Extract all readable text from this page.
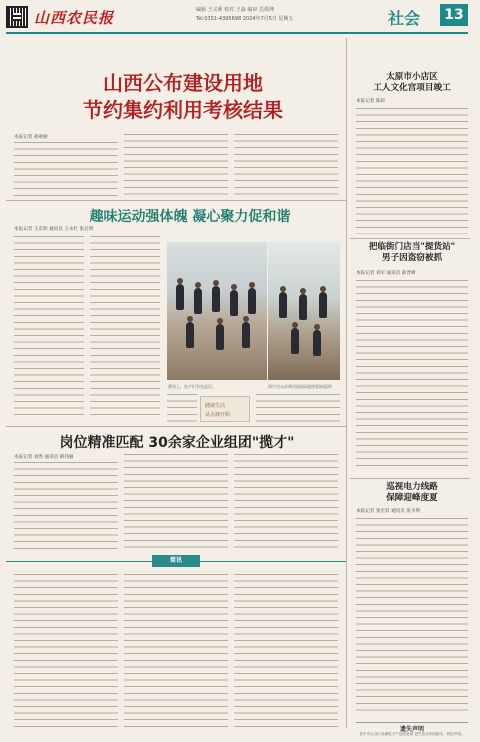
山西农民报	编辑 王义莉 校对 王淼 编审 岳俱坤
Tel:0351-4395698 2024年7月5日 星期五	社会	13
山西公布建设用地
节约集约利用考核结果
本报记者 胡翠丽
趣味运动强体魄 凝心聚力促和谐
本报记者 王玄明 通讯员 王永红 张启明
赛场上，选手们争先恐后。	图片由永济黄河银保局提供组织提供
健康生活
从点滴开始
岗位精准匹配 30余家企业组团"揽才"
本报记者 刘秀 通讯员 韩伟丽
简讯
太原市小店区
工人文化宫项目竣工
本报记者 陈彩
把临街门店当"提货站"
男子因盗窃被抓
本报记者 刘军 通讯员 薛晋峰
巡视电力线路
保障迎峰度夏
本报记者 张宏彩 通讯员 张少利
遗失声明
晋中市太谷区高潮电子产品经营部 遗失营业执照副本，特此声明。
